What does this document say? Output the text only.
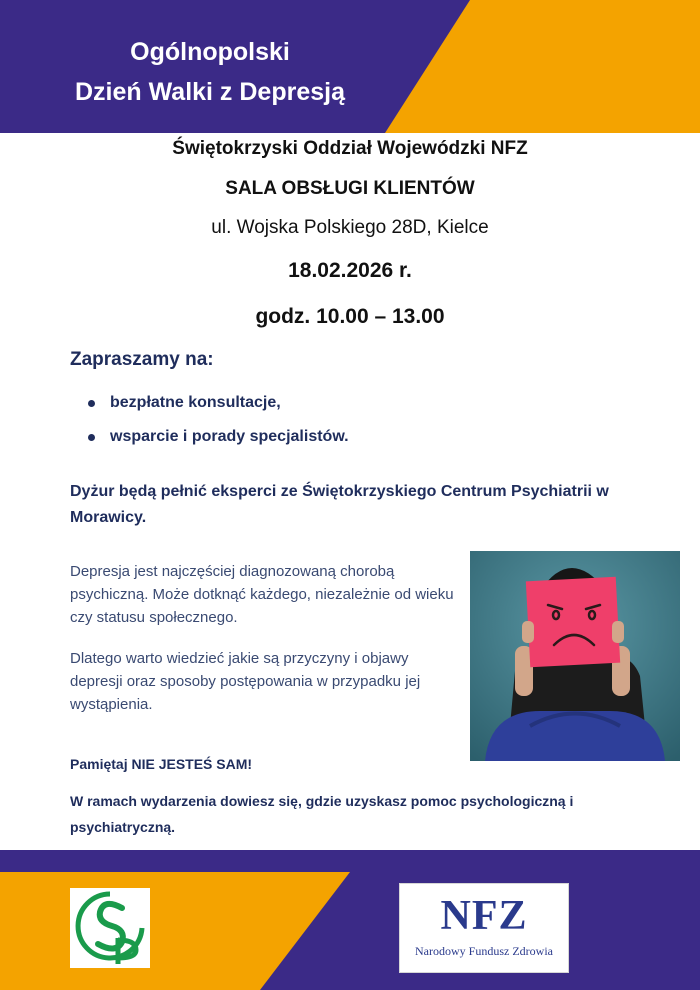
Ogólnopolski
Dzień Walki z Depresją
Świętokrzyski Oddział Wojewódzki NFZ
SALA OBSŁUGI KLIENTÓW
ul. Wojska Polskiego 28D, Kielce
18.02.2026 r.
godz. 10.00 – 13.00
Zapraszamy na:
bezpłatne konsultacje,
wsparcie i porady specjalistów.
Dyżur będą pełnić eksperci ze Świętokrzyskiego Centrum Psychiatrii w Morawicy.
Depresja jest najczęściej diagnozowaną chorobą psychiczną. Może dotknąć każdego, niezależnie od wieku czy statusu społecznego.
Dlatego warto wiedzieć jakie są przyczyny i objawy depresji oraz sposoby postępowania w przypadku jej wystąpienia.
Pamiętaj NIE JESTEŚ SAM!
W ramach wydarzenia dowiesz się, gdzie uzyskasz pomoc psychologiczną i psychiatryczną.
NFZ
Narodowy Fundusz Zdrowia
